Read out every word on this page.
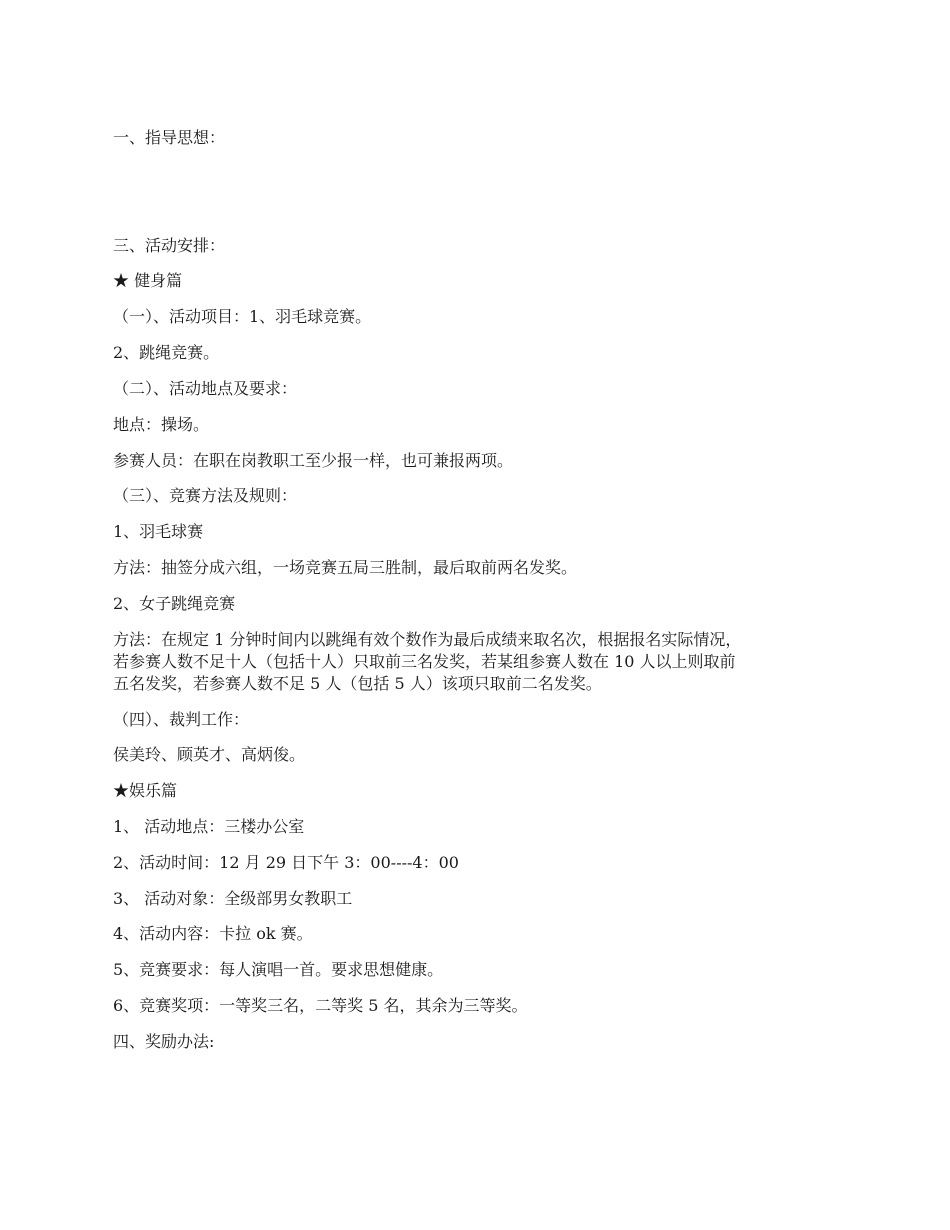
一、指导思想：
三、活动安排：
★ 健身篇
（一）、活动项目：1、羽毛球竞赛。
2、跳绳竞赛。
（二）、活动地点及要求：
地点：操场。
参赛人员：在职在岗教职工至少报一样，也可兼报两项。
（三）、竞赛方法及规则：
1、羽毛球赛
方法：抽签分成六组，一场竞赛五局三胜制，最后取前两名发奖。
2、女子跳绳竞赛
方法：在规定 1 分钟时间内以跳绳有效个数作为最后成绩来取名次，根据报名实际情况，
若参赛人数不足十人（包括十人）只取前三名发奖，若某组参赛人数在 10 人以上则取前
五名发奖，若参赛人数不足 5 人（包括 5 人）该项只取前二名发奖。
（四）、裁判工作：
侯美玲、顾英才、高炳俊。
★娱乐篇
1、 活动地点：三楼办公室
2、活动时间：12 月 29 日下午 3：00----4：00
3、 活动对象：全级部男女教职工
4、活动内容：卡拉 ok 赛。
5、竞赛要求：每人演唱一首。要求思想健康。
6、竞赛奖项：一等奖三名，二等奖 5 名，其余为三等奖。
四、奖励办法:
